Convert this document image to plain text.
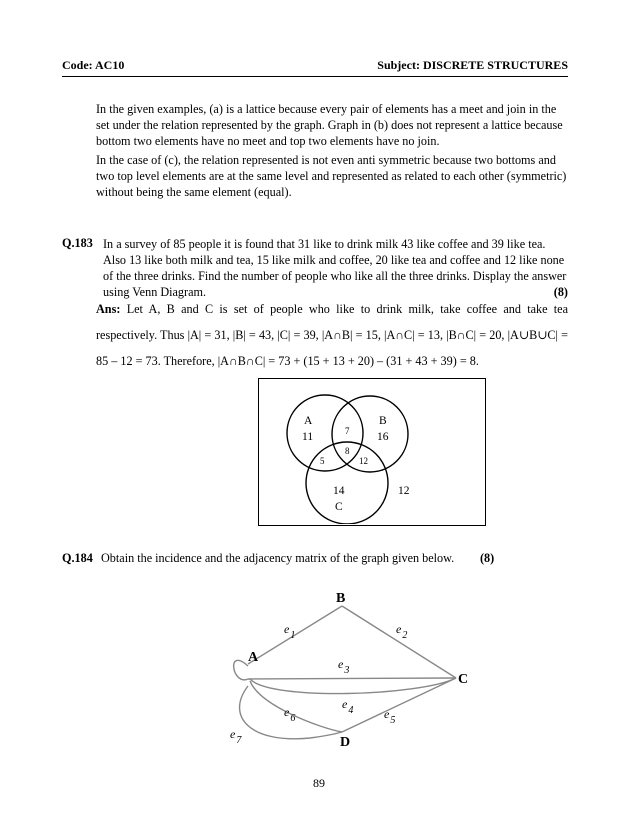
Code: AC10	Subject: DISCRETE STRUCTURES
In the given examples, (a) is a lattice because every pair of elements has a meet and join in the set under the relation represented by the graph. Graph in (b) does not represent a lattice because bottom two elements have no meet and top two elements have no join.
In the case of (c), the relation represented is not even anti symmetric because two bottoms and two top level elements are at the same level and represented as related to each other (symmetric) without being the same element (equal).
Q.183 In a survey of 85 people it is found that 31 like to drink milk 43 like coffee and 39 like tea. Also 13 like both milk and tea, 15 like milk and coffee, 20 like tea and coffee and 12 like none of the three drinks. Find the number of people who like all the three drinks. Display the answer using Venn Diagram.	(8)
Ans: Let A, B and C is set of people who like to drink milk, take coffee and take tea respectively. Thus |A| = 31, |B| = 43, |C| = 39, |A∩B| = 15, |A∩C| = 13, |B∩C| = 20, |A∪B∪C| = 85 – 12 = 73. Therefore, |A∩B∩C| = 73 + (15 + 13 + 20) – (31 + 43 + 39) = 8.
A
11
B
16
7
8
5	12
14
C
12
Q.184 Obtain the incidence and the adjacency matrix of the graph given below.	(8)
B
A
C
D
$e_1$	$e_2$
$e_3$
$e_4$	$e_5$
$e_6$
$e_7$
89
